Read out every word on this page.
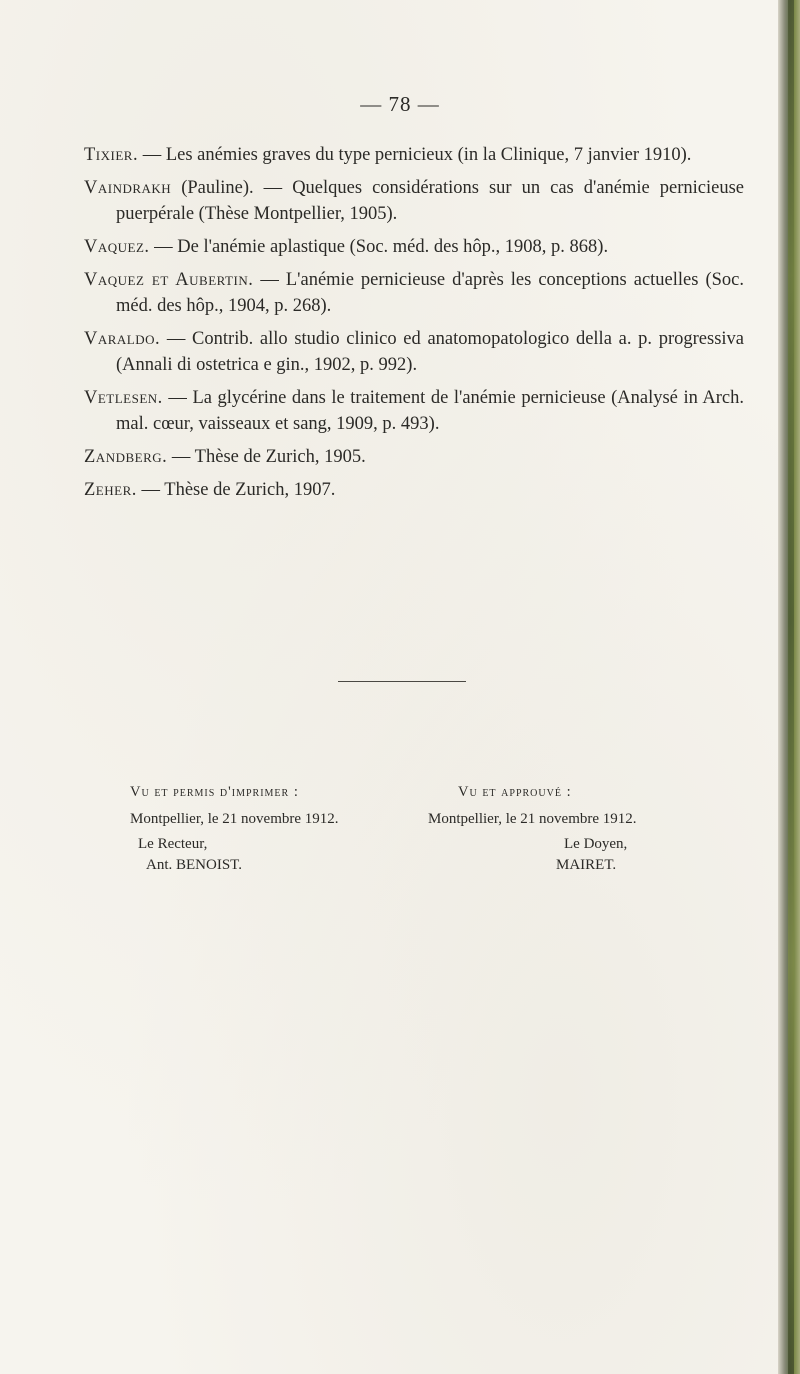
— 78 —
Tixier. — Les anémies graves du type pernicieux (in la Clinique, 7 janvier 1910).
Vaindrakh (Pauline). — Quelques considérations sur un cas d'anémie pernicieuse puerpérale (Thèse Montpellier, 1905).
Vaquez. — De l'anémie aplastique (Soc. méd. des hôp., 1908, p. 868).
Vaquez et Aubertin. — L'anémie pernicieuse d'après les conceptions actuelles (Soc. méd. des hôp., 1904, p. 268).
Varaldo. — Contrib. allo studio clinico ed anatomopatologico della a. p. progressiva (Annali di ostetrica e gin., 1902, p. 992).
Vetlesen. — La glycérine dans le traitement de l'anémie pernicieuse (Analysé in Arch. mal. cœur, vaisseaux et sang, 1909, p. 493).
Zandberg. — Thèse de Zurich, 1905.
Zeher. — Thèse de Zurich, 1907.
Vu et permis d'imprimer :
Montpellier, le 21 novembre 1912.
Le Recteur,
Ant. BENOIST.
Vu et approuvé :
Montpellier, le 21 novembre 1912.
Le Doyen,
MAIRET.
